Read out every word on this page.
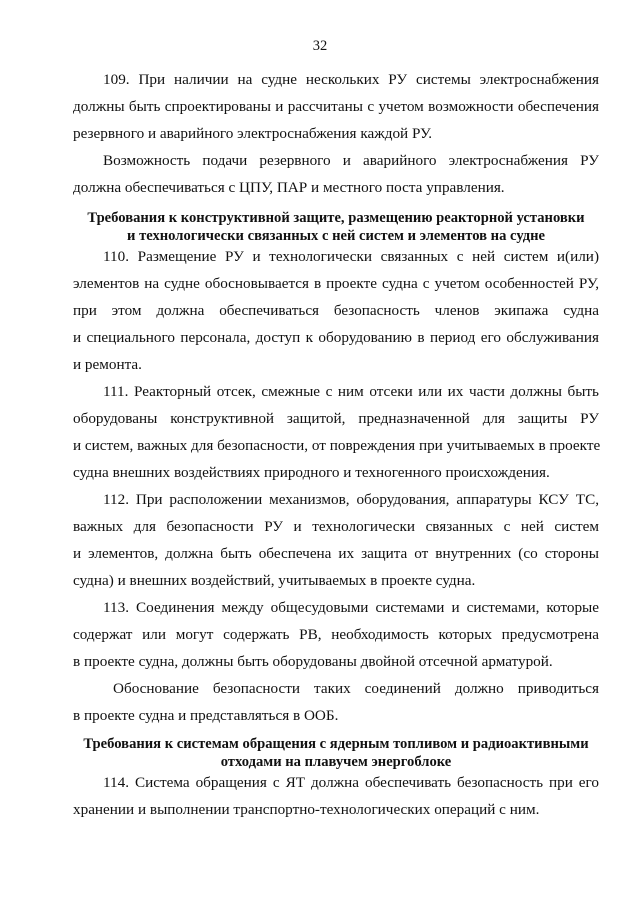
32
109. При наличии на судне нескольких РУ системы электроснабжения
должны быть спроектированы и рассчитаны с учетом возможности обеспечения
резервного и аварийного электроснабжения каждой РУ.
Возможность подачи резервного и аварийного электроснабжения РУ
должна обеспечиваться с ЦПУ, ПАР и местного поста управления.
Требования к конструктивной защите, размещению реакторной установки
и технологически связанных с ней систем и элементов на судне
110. Размещение РУ и технологически связанных с ней систем и(или)
элементов на судне обосновывается в проекте судна с учетом особенностей РУ,
при этом должна обеспечиваться безопасность членов экипажа судна
и специального персонала, доступ к оборудованию в период его обслуживания
и ремонта.
111. Реакторный отсек, смежные с ним отсеки или их части должны быть
оборудованы конструктивной защитой, предназначенной для защиты РУ
и систем, важных для безопасности, от повреждения при учитываемых в проекте
судна внешних воздействиях природного и техногенного происхождения.
112. При расположении механизмов, оборудования, аппаратуры КСУ ТС,
важных для безопасности РУ и технологически связанных с ней систем
и элементов, должна быть обеспечена их защита от внутренних (со стороны
судна) и внешних воздействий, учитываемых в проекте судна.
113. Соединения между общесудовыми системами и системами, которые
содержат или могут содержать РВ, необходимость которых предусмотрена
в проекте судна, должны быть оборудованы двойной отсечной арматурой.
Обоснование безопасности таких соединений должно приводиться
в проекте судна и представляться в ООБ.
Требования к системам обращения с ядерным топливом и радиоактивными
отходами на плавучем энергоблоке
114. Система обращения с ЯТ должна обеспечивать безопасность при его
хранении и выполнении транспортно-технологических операций с ним.
